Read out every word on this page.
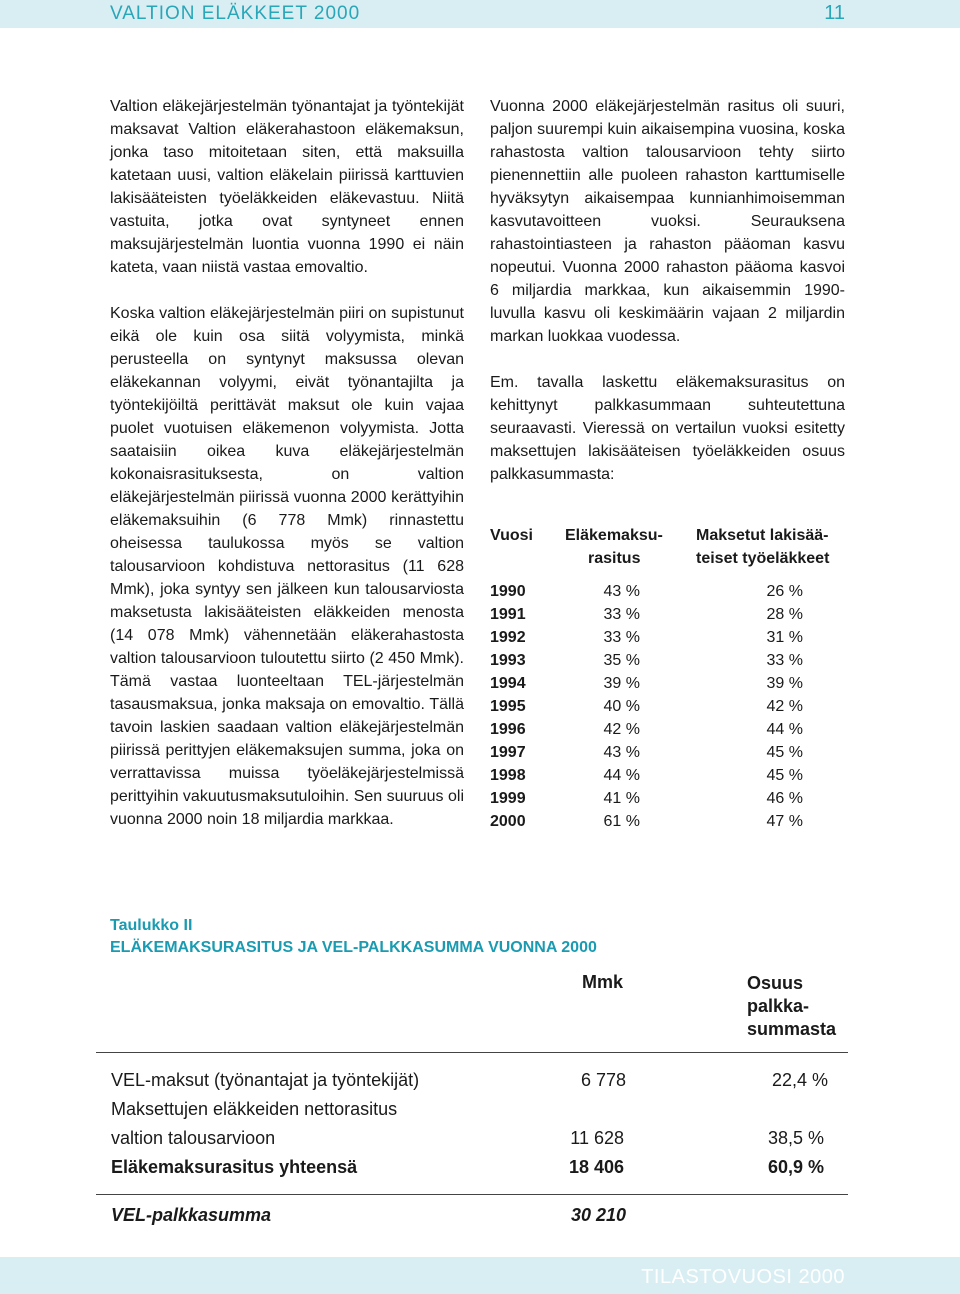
VALTION ELÄKKEET 2000	11

Valtion eläkejärjestelmän työnantajat ja työntekijät maksavat Valtion eläkerahastoon eläkemaksun, jonka taso mitoitetaan siten, että maksuilla katetaan uusi, valtion eläkelain piirissä karttuvien lakisääteisten työeläkkeiden eläkevastuu. Niitä vastuita, jotka ovat syntyneet ennen maksujärjestelmän luontia vuonna 1990 ei näin kateta, vaan niistä vastaa emovaltio.

Koska valtion eläkejärjestelmän piiri on supistunut eikä ole kuin osa siitä volyymista, minkä perusteella on syntynyt maksussa olevan eläkekannan volyymi, eivät työnantajilta ja työntekijöiltä perittävät maksut ole kuin vajaa puolet vuotuisen eläkemenon volyymista. Jotta saataisiin oikea kuva eläkejärjestelmän kokonaisrasituksesta, on valtion eläkejärjestelmän piirissä vuonna 2000 kerättyihin eläkemaksuihin (6 778 Mmk) rinnastettu oheisessa taulukossa myös se valtion talousarvioon kohdistuva nettorasitus (11 628 Mmk), joka syntyy sen jälkeen kun talousarviosta maksetusta lakisääteisten eläkkeiden menosta (14 078 Mmk) vähennetään eläkerahastosta valtion talousarvioon tuloutettu siirto (2 450 Mmk). Tämä vastaa luonteeltaan TEL-järjestelmän tasausmaksua, jonka maksaja on emovaltio. Tällä tavoin laskien saadaan valtion eläkejärjestelmän piirissä perittyjen eläkemaksujen summa, joka on verrattavissa muissa työeläkejärjestelmissä perittyihin vakuutusmaksutuloihin. Sen suuruus oli vuonna 2000 noin 18 miljardia markkaa.

Vuonna 2000 eläkejärjestelmän rasitus oli suuri, paljon suurempi kuin aikaisempina vuosina, koska rahastosta valtion talousarvioon tehty siirto pienennettiin alle puoleen rahaston karttumiselle hyväksytyn aikaisempaa kunnianhimoisemman kasvutavoitteen vuoksi. Seurauksena rahastointiasteen ja rahaston pääoman kasvu nopeutui. Vuonna 2000 rahaston pääoma kasvoi 6 miljardia markkaa, kun aikaisemmin 1990-luvulla kasvu oli keskimäärin vajaan 2 miljardin markan luokkaa vuodessa.

Em. tavalla laskettu eläkemaksurasitus on kehittynyt palkkasummaan suhteutettuna seuraavasti. Vieressä on vertailun vuoksi esitetty maksettujen lakisääteisen työeläkkeiden osuus palkkasummasta:

Vuosi Eläkemaksu-
rasitus
Maksetut lakisää-
teiset työeläkkeet
1990	43 %	26 %
1991	33 %	28 %
1992	33 %	31 %
1993	35 %	33 %
1994	39 %	39 %
1995	40 %	42 %
1996	42 %	44 %
1997	43 %	45 %
1998	44 %	45 %
1999	41 %	46 %
2000	61 %	47 %
Taulukko II
ELÄKEMAKSURASITUS JA VEL-PALKKASUMMA VUONNA 2000
Mmk	Osuus
palkka-
summasta
VEL-maksut (työnantajat ja työntekijät)	6 778	22,4 %
Maksettujen eläkkeiden nettorasitus
valtion talousarvioon	11 628	38,5 %
Eläkemaksurasitus yhteensä	18 406	60,9 %
VEL-palkkasumma	30 210
TILASTOVUOSI 2000
